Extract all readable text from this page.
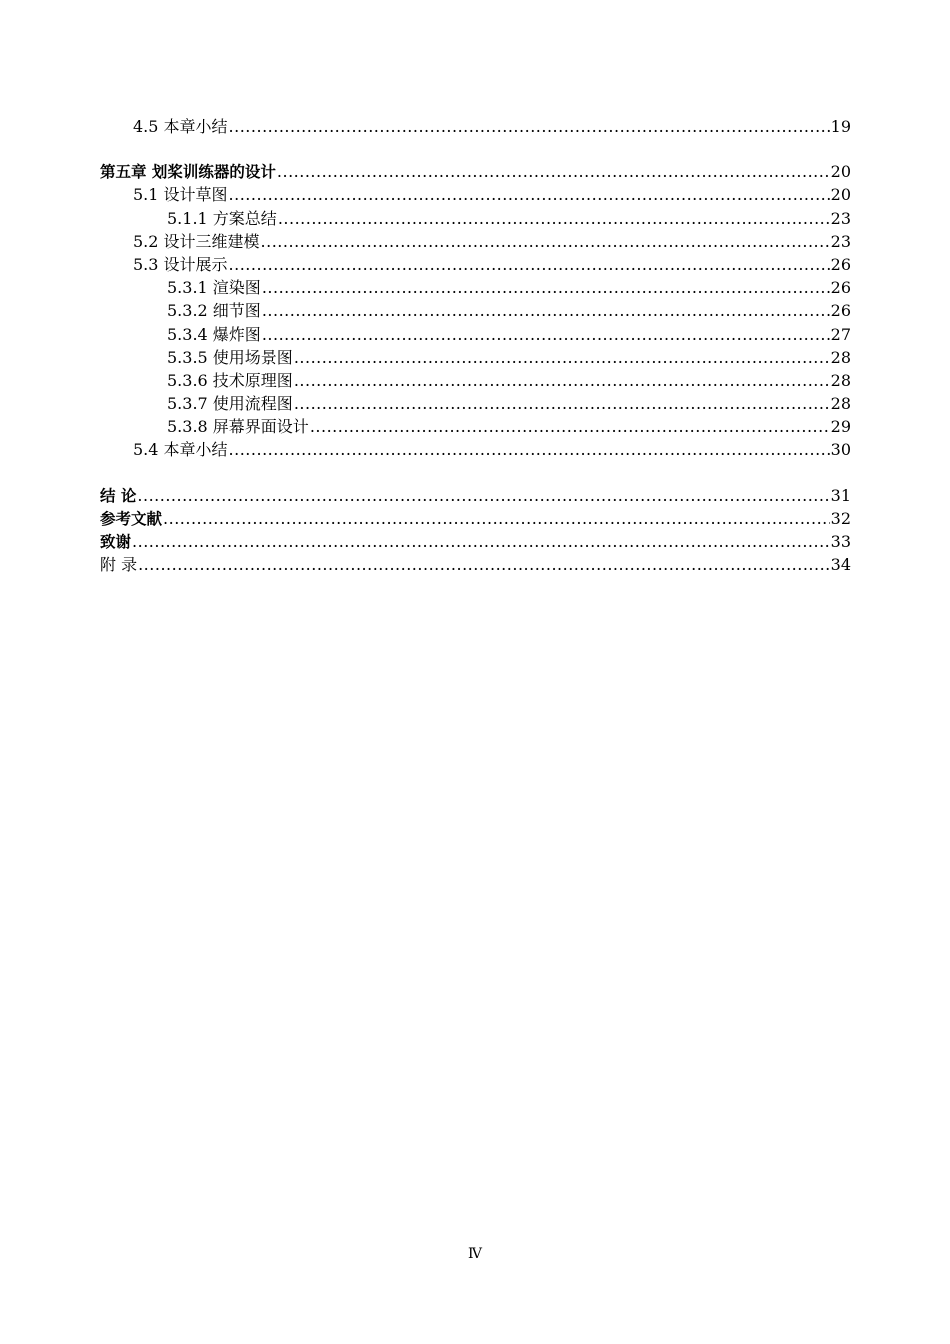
4.5 本章小结 .....	19
第五章 划桨训练器的设计 .....	20
5.1 设计草图 .....	20
5.1.1 方案总结 .....	23
5.2 设计三维建模 .....	23
5.3 设计展示 .....	26
5.3.1 渲染图 .....	26
5.3.2 细节图 .....	26
5.3.4 爆炸图 .....	27
5.3.5 使用场景图 .....	28
5.3.6 技术原理图 .....	28
5.3.7 使用流程图 .....	28
5.3.8 屏幕界面设计 .....	29
5.4 本章小结 .....	30
结 论 .....	31
参考文献 .....	32
致谢 .....	33
附 录 .....	34
Ⅳ
